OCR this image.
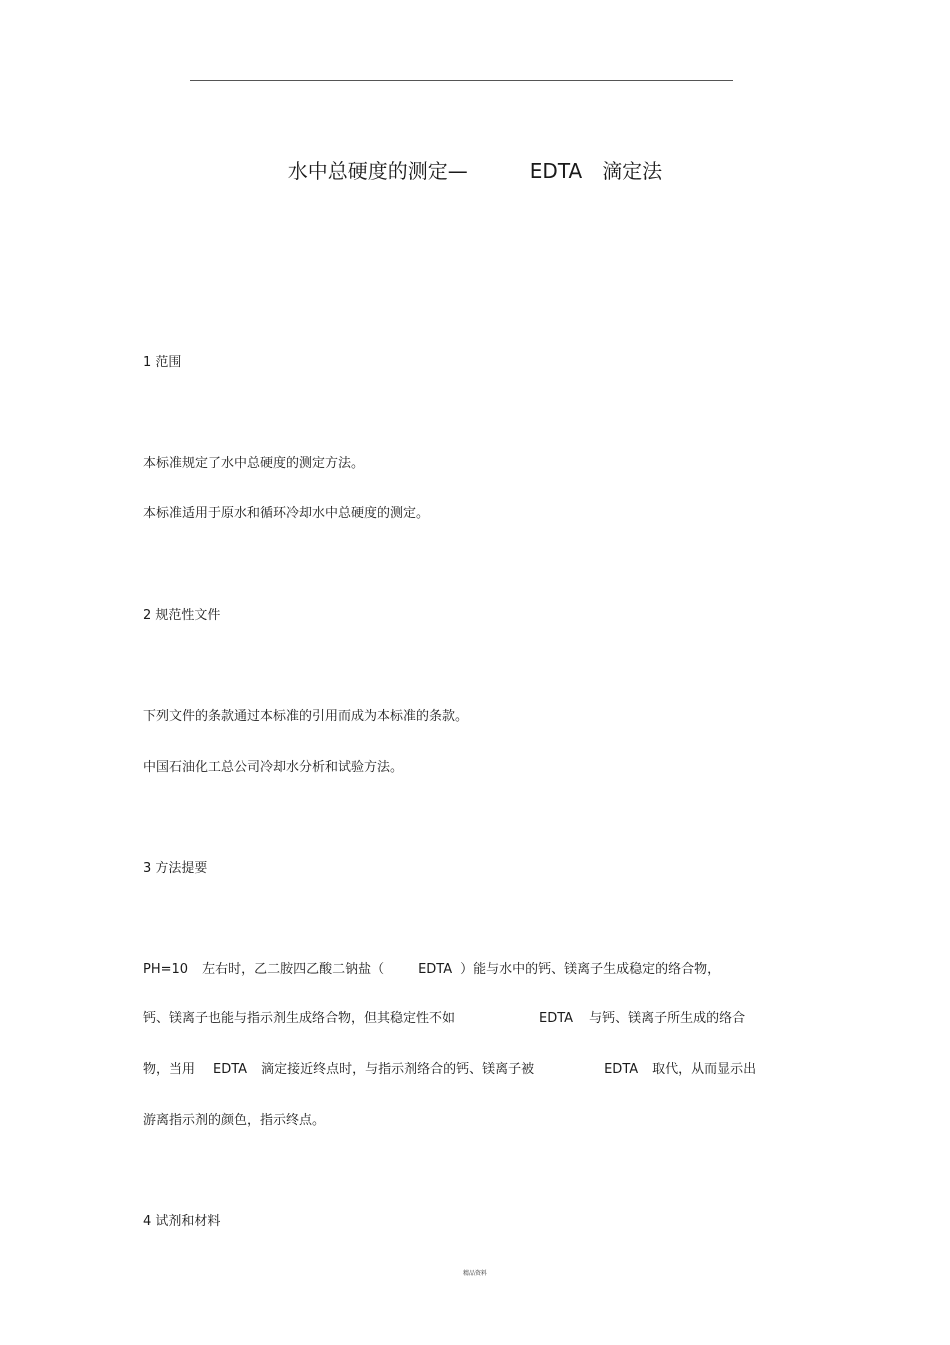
水中总硬度的测定—	EDTA 滴定法
1 范围
本标准规定了水中总硬度的测定方法。
本标准适用于原水和循环冷却水中总硬度的测定。
2 规范性文件
下列文件的条款通过本标准的引用而成为本标准的条款。
中国石油化工总公司冷却水分析和试验方法。
3 方法提要
PH=10 左右时，乙二胺四乙酸二钠盐（	EDTA ）能与水中的钙、镁离子生成稳定的络合物，
钙、镁离子也能与指示剂生成络合物，但其稳定性不如	EDTA 与钙、镁离子所生成的络合
物，当用 EDTA 滴定接近终点时，与指示剂络合的钙、镁离子被	EDTA 取代，从而显示出
游离指示剂的颜色，指示终点。
4 试剂和材料
精品资料
